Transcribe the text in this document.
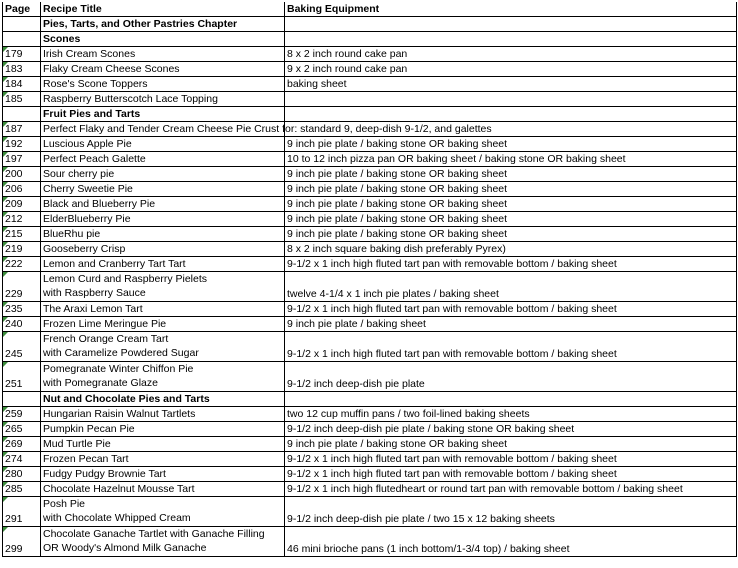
Page	Recipe Title	Baking Equipment
	Pies, Tarts, and Other Pastries Chapter	
	Scones	
179	Irish Cream Scones	8 x 2 inch round cake pan
183	Flaky Cream Cheese Scones	9 x 2 inch round cake pan
184	Rose's Scone Toppers	baking sheet
185	Raspberry Butterscotch Lace Topping	
	Fruit Pies and Tarts	
187	Perfect Flaky and Tender Cream Cheese Pie Crust for: standard 9, deep-dish 9-1/2, and galettes	
192	Luscious Apple Pie	9 inch pie plate / baking stone OR baking sheet
197	Perfect Peach Galette	10 to 12 inch pizza pan OR baking sheet / baking stone OR baking sheet
200	Sour cherry pie	9 inch pie plate / baking stone OR baking sheet
206	Cherry Sweetie Pie	9 inch pie plate / baking stone OR baking sheet
209	Black and Blueberry Pie	9 inch pie plate / baking stone OR baking sheet
212	ElderBlueberry Pie	9 inch pie plate / baking stone OR baking sheet
215	BlueRhu pie	9 inch pie plate / baking stone OR baking sheet
219	Gooseberry Crisp	8 x 2 inch square baking dish preferably Pyrex)
222	Lemon and Cranberry Tart Tart	9-1/2 x 1 inch high fluted tart pan with removable bottom / baking sheet
229	Lemon Curd and Raspberry Pielets
with Raspberry Sauce	twelve 4-1/4 x 1 inch pie plates / baking sheet
235	The Araxi Lemon Tart	9-1/2 x 1 inch high fluted tart pan with removable bottom / baking sheet
240	Frozen Lime Meringue Pie	9 inch pie plate / baking sheet
245	French Orange Cream Tart
with Caramelize Powdered Sugar	9-1/2 x 1 inch high fluted tart pan with removable bottom / baking sheet
251	Pomegranate Winter Chiffon Pie
with Pomegranate Glaze	9-1/2 inch deep-dish pie plate
	Nut and Chocolate Pies and Tarts	
259	Hungarian Raisin Walnut Tartlets	two 12 cup muffin pans / two foil-lined baking sheets
265	Pumpkin Pecan Pie	9-1/2 inch deep-dish pie plate / baking stone OR baking sheet
269	Mud Turtle Pie	9 inch pie plate / baking stone OR baking sheet
274	Frozen Pecan Tart	9-1/2 x 1 inch high fluted tart pan with removable bottom / baking sheet
280	Fudgy Pudgy Brownie Tart	9-1/2 x 1 inch high fluted tart pan with removable bottom / baking sheet
285	Chocolate Hazelnut Mousse Tart	9-1/2 x 1 inch high flutedheart or round tart pan with removable bottom / baking sheet
291	Posh Pie
with Chocolate Whipped Cream	9-1/2 inch deep-dish pie plate / two 15 x 12 baking sheets
299	Chocolate Ganache Tartlet with Ganache Filling
OR Woody's Almond Milk Ganache	46 mini brioche pans (1 inch bottom/1-3/4 top) / baking sheet
